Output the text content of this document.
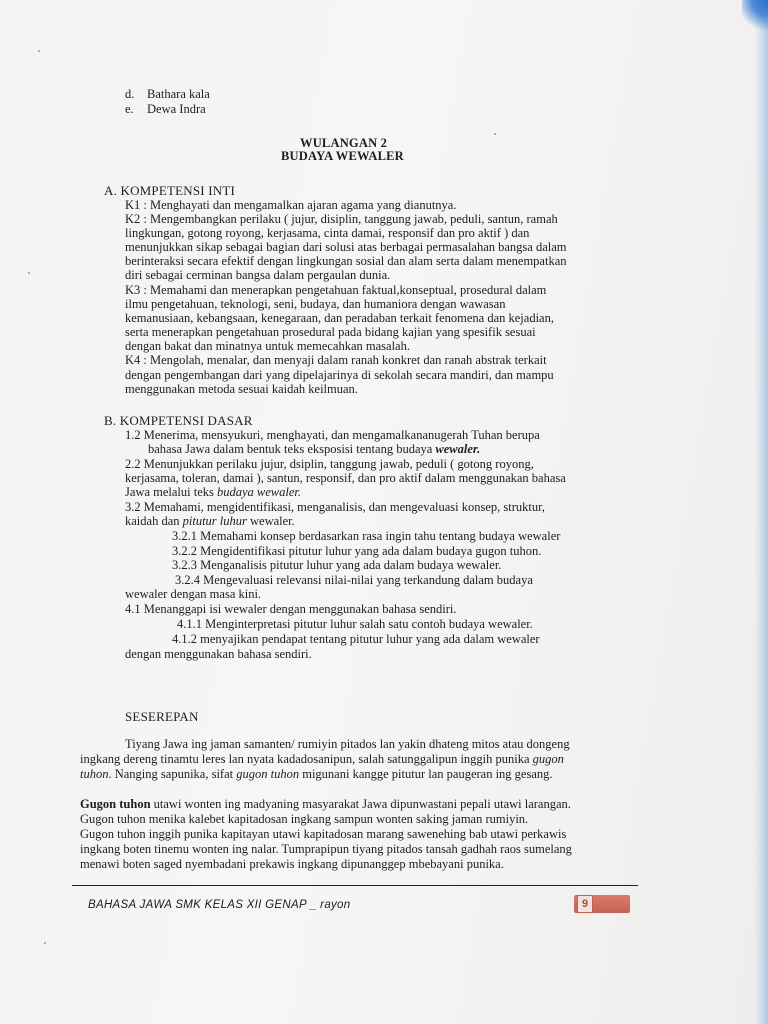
d. Bathara kala
e. Dewa Indra
WULANGAN 2
BUDAYA WEWALER
A. KOMPETENSI INTI
K1 : Menghayati dan mengamalkan ajaran agama yang dianutnya.
K2 : Mengembangkan perilaku ( jujur, disiplin, tanggung jawab, peduli, santun, ramah
lingkungan, gotong royong, kerjasama, cinta damai, responsif dan pro aktif ) dan
menunjukkan sikap sebagai bagian dari solusi atas berbagai permasalahan bangsa dalam
berinteraksi secara efektif dengan lingkungan sosial dan alam serta dalam menempatkan
diri sebagai cerminan bangsa dalam pergaulan dunia.
K3 : Memahami dan menerapkan pengetahuan faktual,konseptual, prosedural dalam
ilmu pengetahuan, teknologi, seni, budaya, dan humaniora dengan wawasan
kemanusiaan, kebangsaan, kenegaraan, dan peradaban terkait fenomena dan kejadian,
serta menerapkan pengetahuan prosedural pada bidang kajian yang spesifik sesuai
dengan bakat dan minatnya untuk memecahkan masalah.
K4 : Mengolah, menalar, dan menyaji dalam ranah konkret dan ranah abstrak terkait
dengan pengembangan dari yang dipelajarinya di sekolah secara mandiri, dan mampu
menggunakan metoda sesuai kaidah keilmuan.
B. KOMPETENSI DASAR
1.2 Menerima, mensyukuri, menghayati, dan mengamalkananugerah Tuhan berupa
bahasa Jawa dalam bentuk teks eksposisi tentang budaya wewaler.
2.2 Menunjukkan perilaku jujur, dsiplin, tanggung jawab, peduli ( gotong royong,
kerjasama, toleran, damai ), santun, responsif, dan pro aktif dalam menggunakan bahasa
Jawa melalui teks budaya wewaler.
3.2 Memahami, mengidentifikasi, menganalisis, dan mengevaluasi konsep, struktur,
kaidah dan pitutur luhur wewaler.
3.2.1 Memahami konsep berdasarkan rasa ingin tahu tentang budaya wewaler
3.2.2 Mengidentifikasi pitutur luhur yang ada dalam budaya gugon tuhon.
3.2.3 Menganalisis pitutur luhur yang ada dalam budaya wewaler.
3.2.4 Mengevaluasi relevansi nilai-nilai yang terkandung dalam budaya
wewaler dengan masa kini.
4.1 Menanggapi isi wewaler dengan menggunakan bahasa sendiri.
4.1.1 Menginterpretasi pitutur luhur salah satu contoh budaya wewaler.
4.1.2 menyajikan pendapat tentang pitutur luhur yang ada dalam wewaler
dengan menggunakan bahasa sendiri.
SESEREPAN
Tiyang Jawa ing jaman samanten/ rumiyin pitados lan yakin dhateng mitos atau dongeng
ingkang dereng tinamtu leres lan nyata kadadosanipun, salah satunggalipun inggih punika gugon
tuhon. Nanging sapunika, sifat gugon tuhon migunani kangge pitutur lan paugeran ing gesang.
Gugon tuhon utawi wonten ing madyaning masyarakat Jawa dipunwastani pepali utawi larangan.
Gugon tuhon menika kalebet kapitadosan ingkang sampun wonten saking jaman rumiyin.
Gugon tuhon inggih punika kapitayan utawi kapitadosan marang sawenehing bab utawi perkawis
ingkang boten tinemu wonten ing nalar. Tumprapipun tiyang pitados tansah gadhah raos sumelang
menawi boten saged nyembadani prekawis ingkang dipunanggep mbebayani punika.
BAHASA JAWA SMK KELAS XII GENAP _ rayon	9
